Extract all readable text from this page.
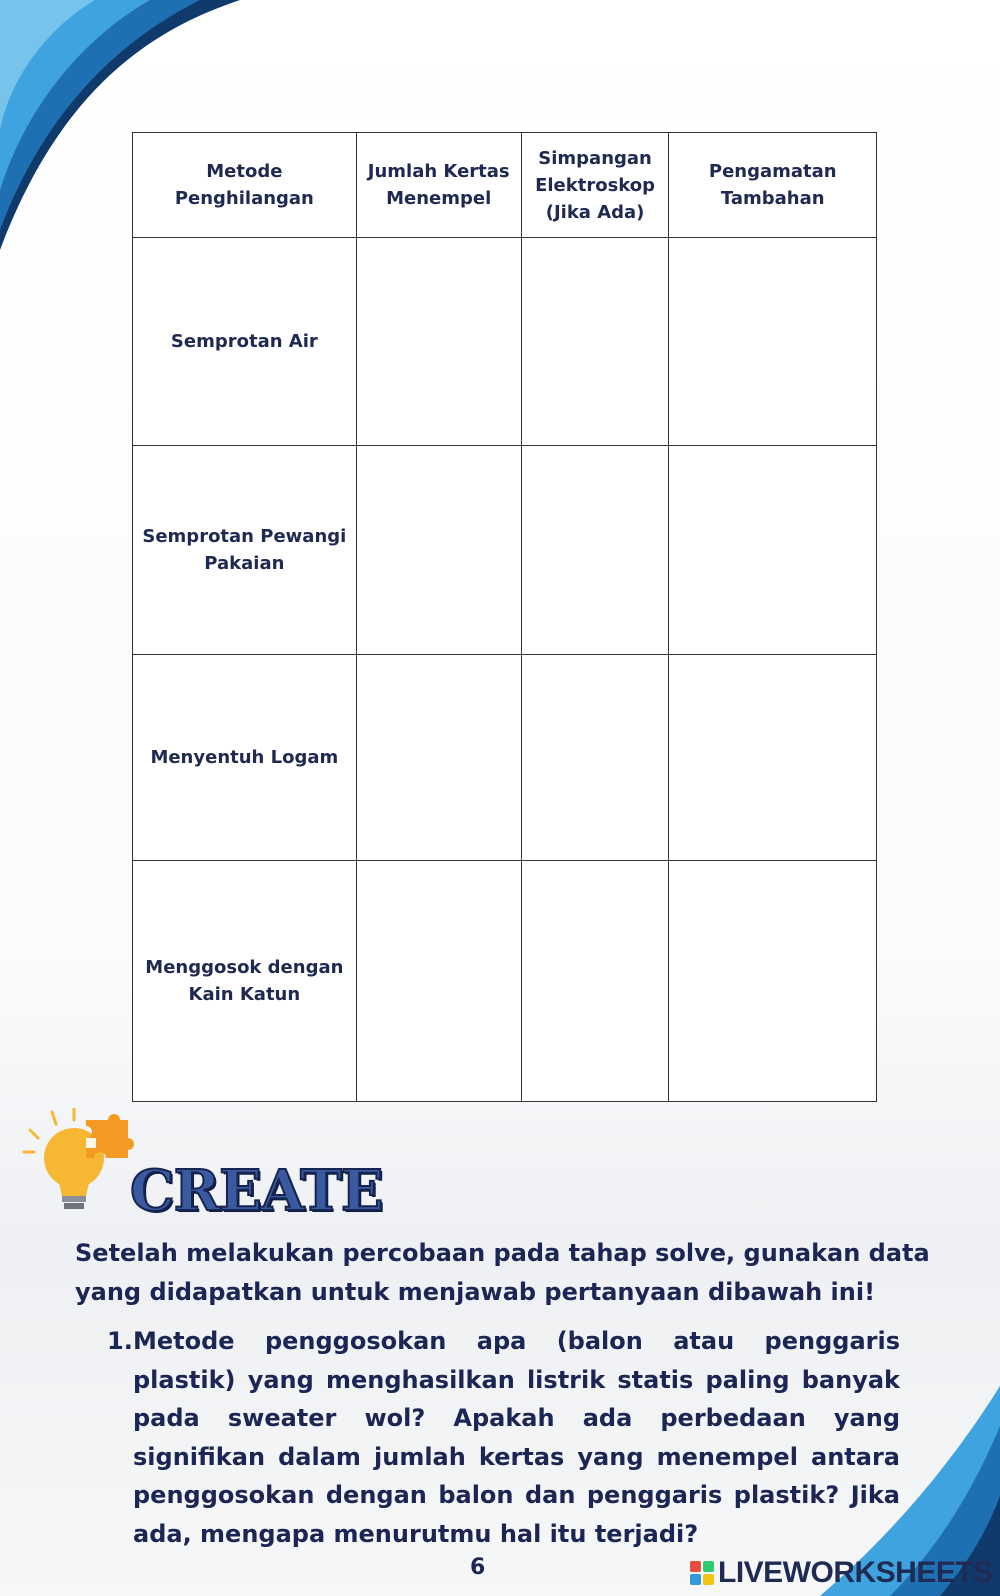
Metode Penghilangan	Jumlah Kertas Menempel	Simpangan Elektroskop (Jika Ada)	Pengamatan Tambahan
Semprotan Air			
Semprotan Pewangi Pakaian			
Menyentuh Logam			
Menggosok dengan Kain Katun			
CREATE
Setelah melakukan percobaan pada tahap solve, gunakan data yang didapatkan untuk menjawab pertanyaan dibawah ini!
1. Metode penggosokan apa (balon atau penggaris plastik) yang menghasilkan listrik statis paling banyak pada sweater wol? Apakah ada perbedaan yang signifikan dalam jumlah kertas yang menempel antara penggosokan dengan balon dan penggaris plastik? Jika ada, mengapa menurutmu hal itu terjadi?
6	LIVEWORKSHEETS
